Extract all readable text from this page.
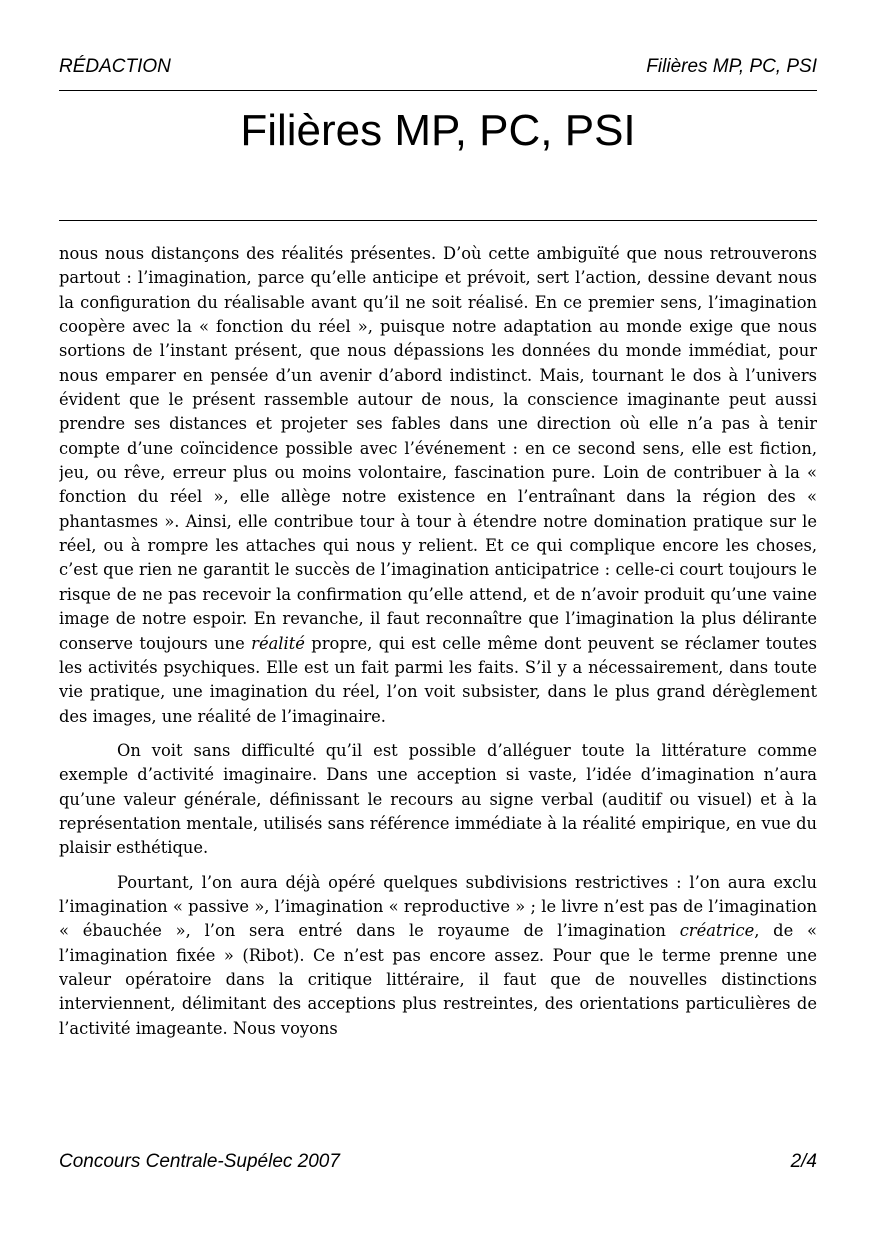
RÉDACTION	Filières MP, PC, PSI
Filières MP, PC, PSI

nous nous distançons des réalités présentes. D’où cette ambiguïté que nous retrouverons partout : l’imagination, parce qu’elle anticipe et prévoit, sert l’action, dessine devant nous la configuration du réalisable avant qu’il ne soit réalisé. En ce premier sens, l’imagination coopère avec la « fonction du réel », puisque notre adaptation au monde exige que nous sortions de l’instant présent, que nous dépassions les données du monde immédiat, pour nous emparer en pensée d’un avenir d’abord indistinct. Mais, tournant le dos à l’univers évident que le présent rassemble autour de nous, la conscience imaginante peut aussi prendre ses distances et projeter ses fables dans une direction où elle n’a pas à tenir compte d’une coïncidence possible avec l’événement : en ce second sens, elle est fiction, jeu, ou rêve, erreur plus ou moins volontaire, fascination pure. Loin de contribuer à la « fonction du réel », elle allège notre existence en l’entraînant dans la région des « phantasmes ». Ainsi, elle contribue tour à tour à étendre notre domination pratique sur le réel, ou à rompre les attaches qui nous y relient. Et ce qui complique encore les choses, c’est que rien ne garantit le succès de l’imagination anticipatrice : celle-ci court toujours le risque de ne pas recevoir la confirmation qu’elle attend, et de n’avoir produit qu’une vaine image de notre espoir. En revanche, il faut reconnaître que l’imagination la plus délirante conserve toujours une réalité propre, qui est celle même dont peuvent se réclamer toutes les activités psychiques. Elle est un fait parmi les faits. S’il y a nécessairement, dans toute vie pratique, une imagination du réel, l’on voit subsister, dans le plus grand dérèglement des images, une réalité de l’imaginaire.

On voit sans difficulté qu’il est possible d’alléguer toute la littérature comme exemple d’activité imaginaire. Dans une acception si vaste, l’idée d’imagination n’aura qu’une valeur générale, définissant le recours au signe verbal (auditif ou visuel) et à la représentation mentale, utilisés sans référence immédiate à la réalité empirique, en vue du plaisir esthétique.

Pourtant, l’on aura déjà opéré quelques subdivisions restrictives : l’on aura exclu l’imagination « passive », l’imagination « reproductive » ; le livre n’est pas de l’imagination « ébauchée », l’on sera entré dans le royaume de l’imagination créatrice, de « l’imagination fixée » (Ribot). Ce n’est pas encore assez. Pour que le terme prenne une valeur opératoire dans la critique littéraire, il faut que de nouvelles distinctions interviennent, délimitant des acceptions plus restreintes, des orientations particulières de l’activité imageante. Nous voyons

Concours Centrale-Supélec 2007	2/4
